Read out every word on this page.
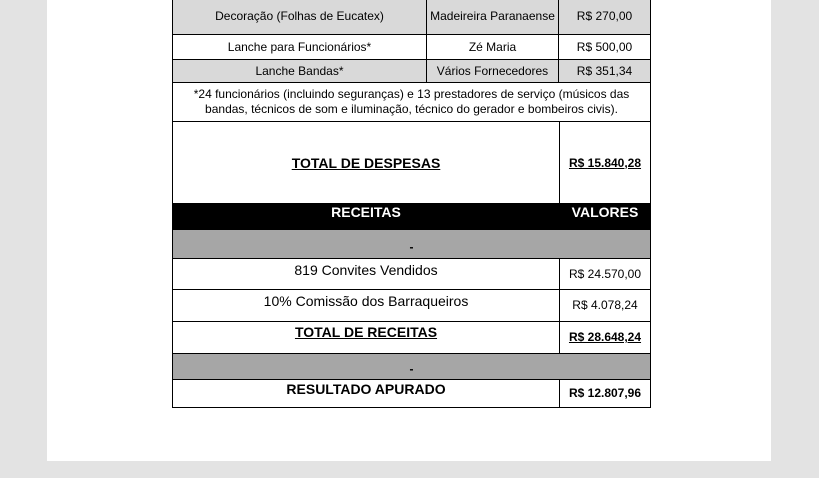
Decoração (Folhas de Eucatex)	Madeireira Paranaense	R$ 270,00
Lanche para Funcionários*	Zé Maria	R$ 500,00
Lanche Bandas*	Vários Fornecedores	R$ 351,34
*24 funcionários (incluindo seguranças) e 13 prestadores de serviço (músicos das bandas, técnicos de som e iluminação, técnico do gerador e bombeiros civis).
TOTAL DE DESPESAS	R$ 15.840,28
RECEITAS	VALORES
-
819 Convites Vendidos	R$ 24.570,00
10% Comissão dos Barraqueiros	R$ 4.078,24
TOTAL DE RECEITAS	R$ 28.648,24
-
RESULTADO APURADO	R$ 12.807,96
